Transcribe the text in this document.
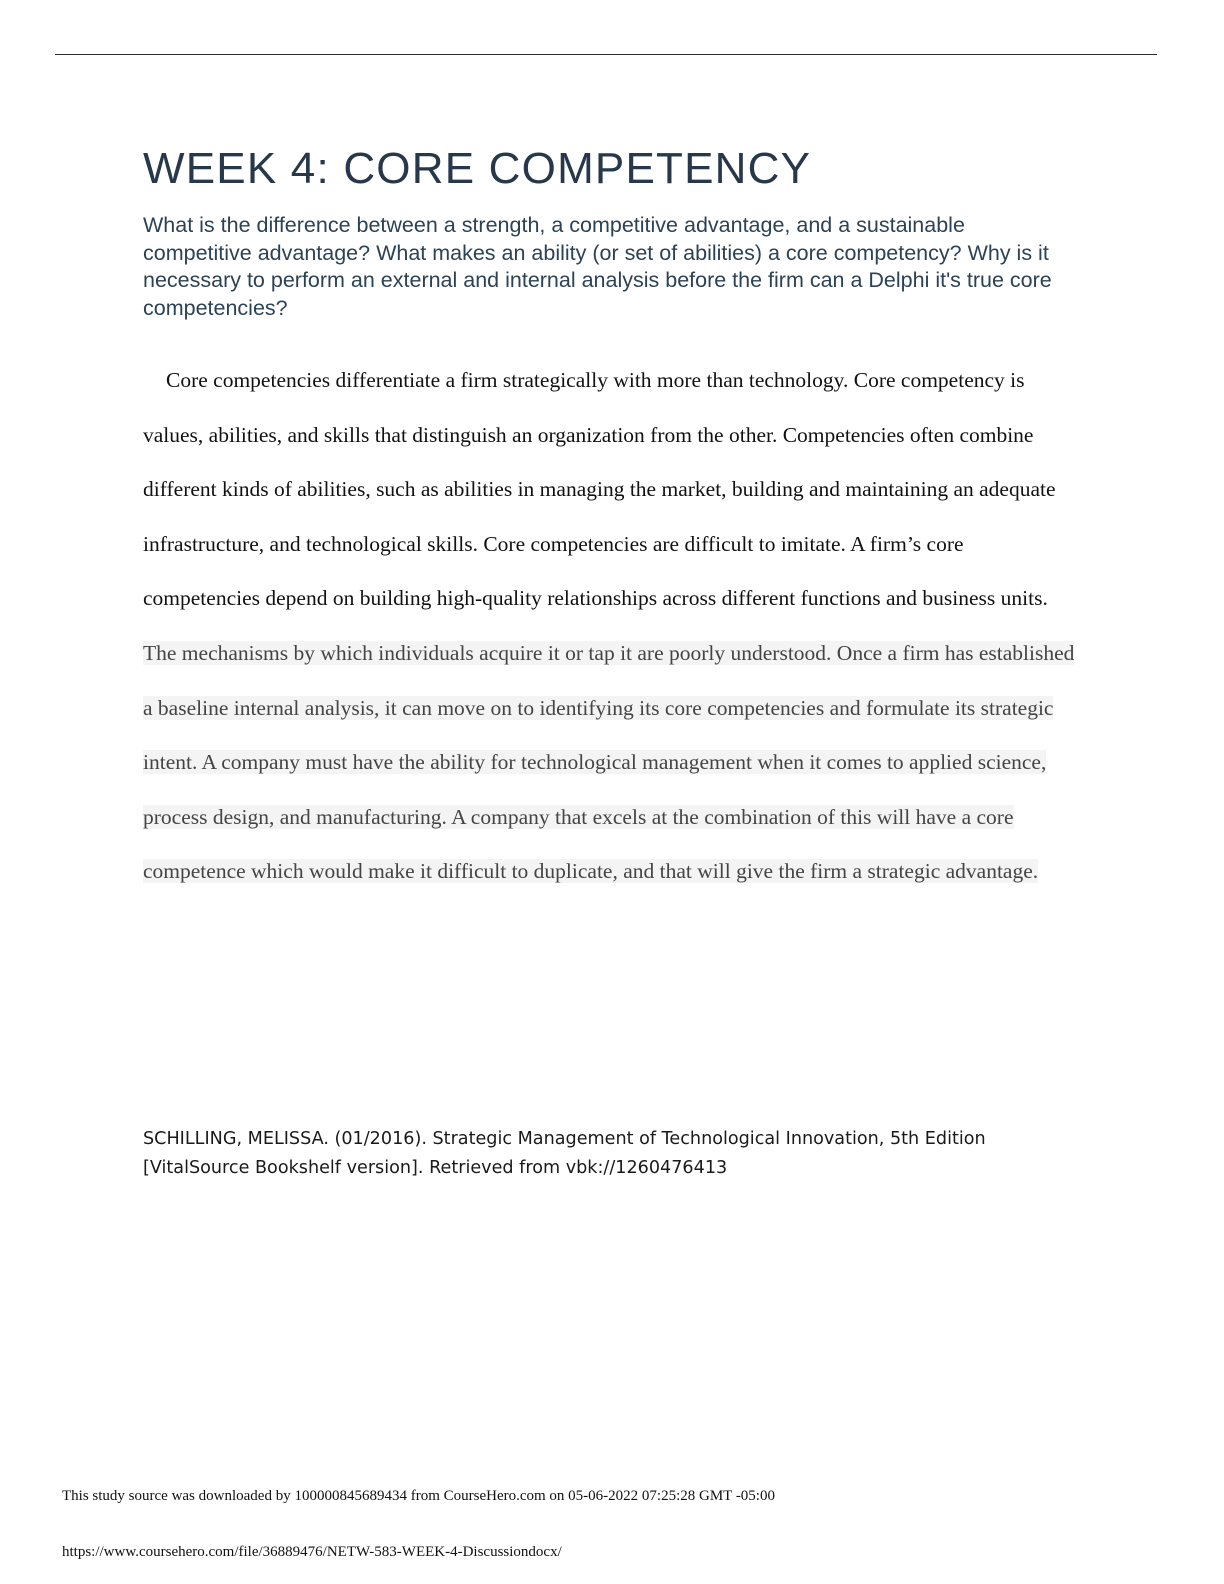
WEEK 4: CORE COMPETENCY

What is the difference between a strength, a competitive advantage, and a sustainable competitive advantage? What makes an ability (or set of abilities) a core competency? Why is it necessary to perform an external and internal analysis before the firm can a Delphi it's true core competencies?

Core competencies differentiate a firm strategically with more than technology. Core competency is values, abilities, and skills that distinguish an organization from the other. Competencies often combine different kinds of abilities, such as abilities in managing the market, building and maintaining an adequate infrastructure, and technological skills. Core competencies are difficult to imitate. A firm’s core competencies depend on building high-quality relationships across different functions and business units. The mechanisms by which individuals acquire it or tap it are poorly understood. Once a firm has established a baseline internal analysis, it can move on to identifying its core competencies and formulate its strategic intent. A company must have the ability for technological management when it comes to applied science, process design, and manufacturing. A company that excels at the combination of this will have a core competence which would make it difficult to duplicate, and that will give the firm a strategic advantage.

SCHILLING, MELISSA. (01/2016). Strategic Management of Technological Innovation, 5th Edition
[VitalSource Bookshelf version]. Retrieved from vbk://1260476413

This study source was downloaded by 100000845689434 from CourseHero.com on 05-06-2022 07:25:28 GMT -05:00

https://www.coursehero.com/file/36889476/NETW-583-WEEK-4-Discussiondocx/
